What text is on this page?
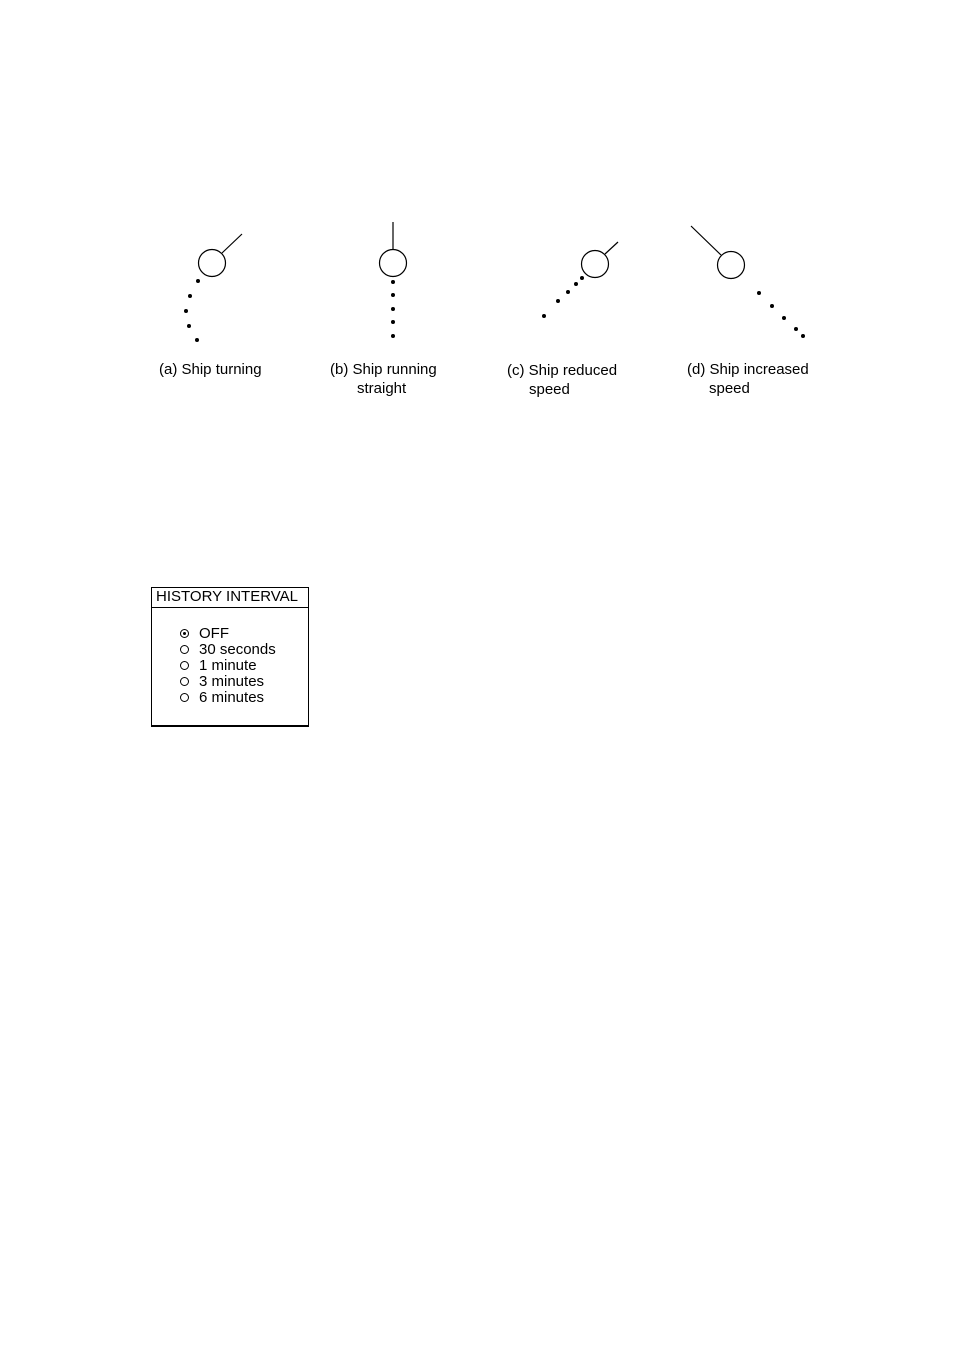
(a) Ship turning	(b) Ship running
straight
(c) Ship reduced
speed
(d) Ship increased
speed
HISTORY INTERVAL
OFF
30 seconds
1 minute
3 minutes
6 minutes
